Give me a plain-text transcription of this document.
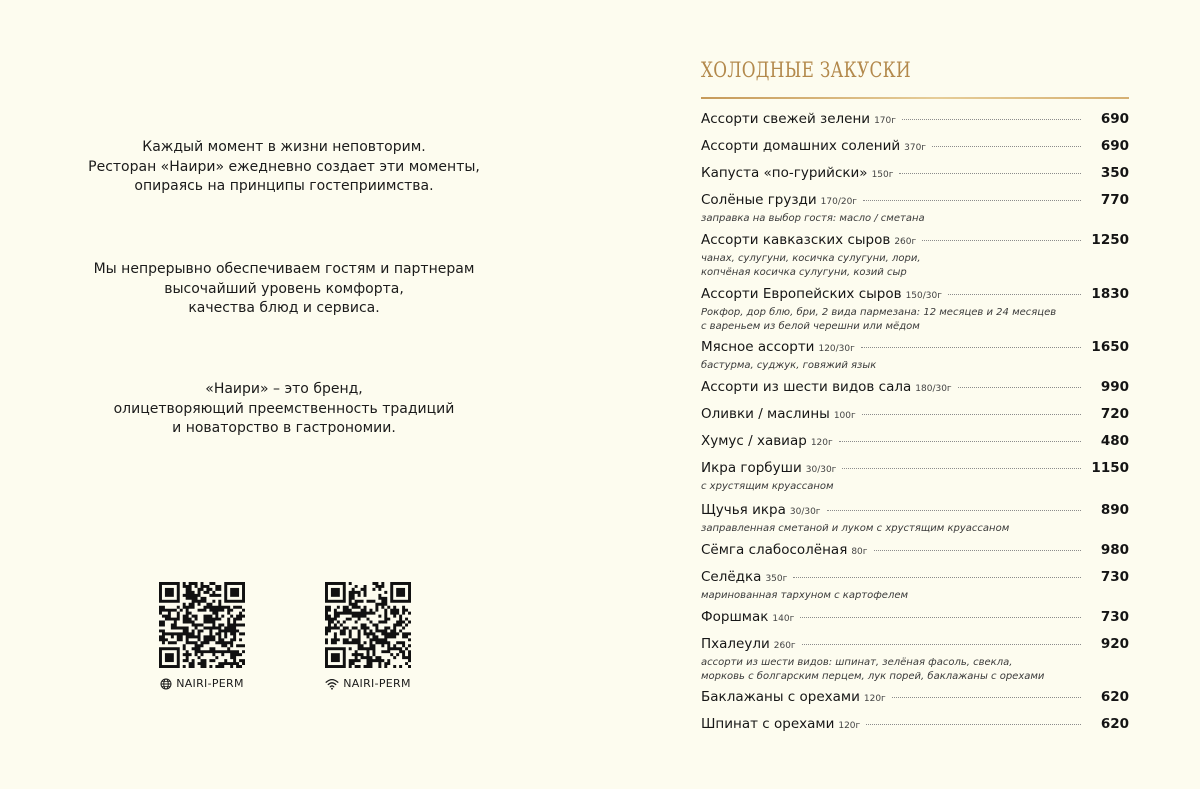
Каждый момент в жизни неповторим.
Ресторан «Наири» ежедневно создает эти моменты,
опираясь на принципы гостеприимства.
Мы непрерывно обеспечиваем гостям и партнерам
высочайший уровень комфорта,
качества блюд и сервиса.
«Наири» – это бренд,
олицетворяющий преемственность традиций
и новаторство в гастрономии.
NAIRI-PERM	NAIRI-PERM
ХОЛОДНЫЕ ЗАКУСКИ
Ассорти свежей зелени 170г	690
Ассорти домашних солений 370г	690
Капуста «по-гурийски» 150г	350
Солёные грузди 170/20г	770
заправка на выбор гостя: масло / сметана
Ассорти кавказских сыров 260г	1250
чанах, сулугуни, косичка сулугуни, лори,
копчёная косичка сулугуни, козий сыр
Ассорти Европейских сыров 150/30г	1830
Рокфор, дор блю, бри, 2 вида пармезана: 12 месяцев и 24 месяцев
с вареньем из белой черешни или мёдом
Мясное ассорти 120/30г	1650
бастурма, суджук, говяжий язык
Ассорти из шести видов сала 180/30г	990
Оливки / маслины 100г	720
Хумус / хавиар 120г	480
Икра горбуши 30/30г	1150
с хрустящим круассаном
Щучья икра 30/30г	890
заправленная сметаной и луком с хрустящим круассаном
Сёмга слабосолёная 80г	980
Селёдка 350г	730
маринованная тархуном с картофелем
Форшмак 140г	730
Пхалеули 260г	920
ассорти из шести видов: шпинат, зелёная фасоль, свекла,
морковь с болгарским перцем, лук порей, баклажаны с орехами
Баклажаны с орехами 120г	620
Шпинат с орехами 120г	620
